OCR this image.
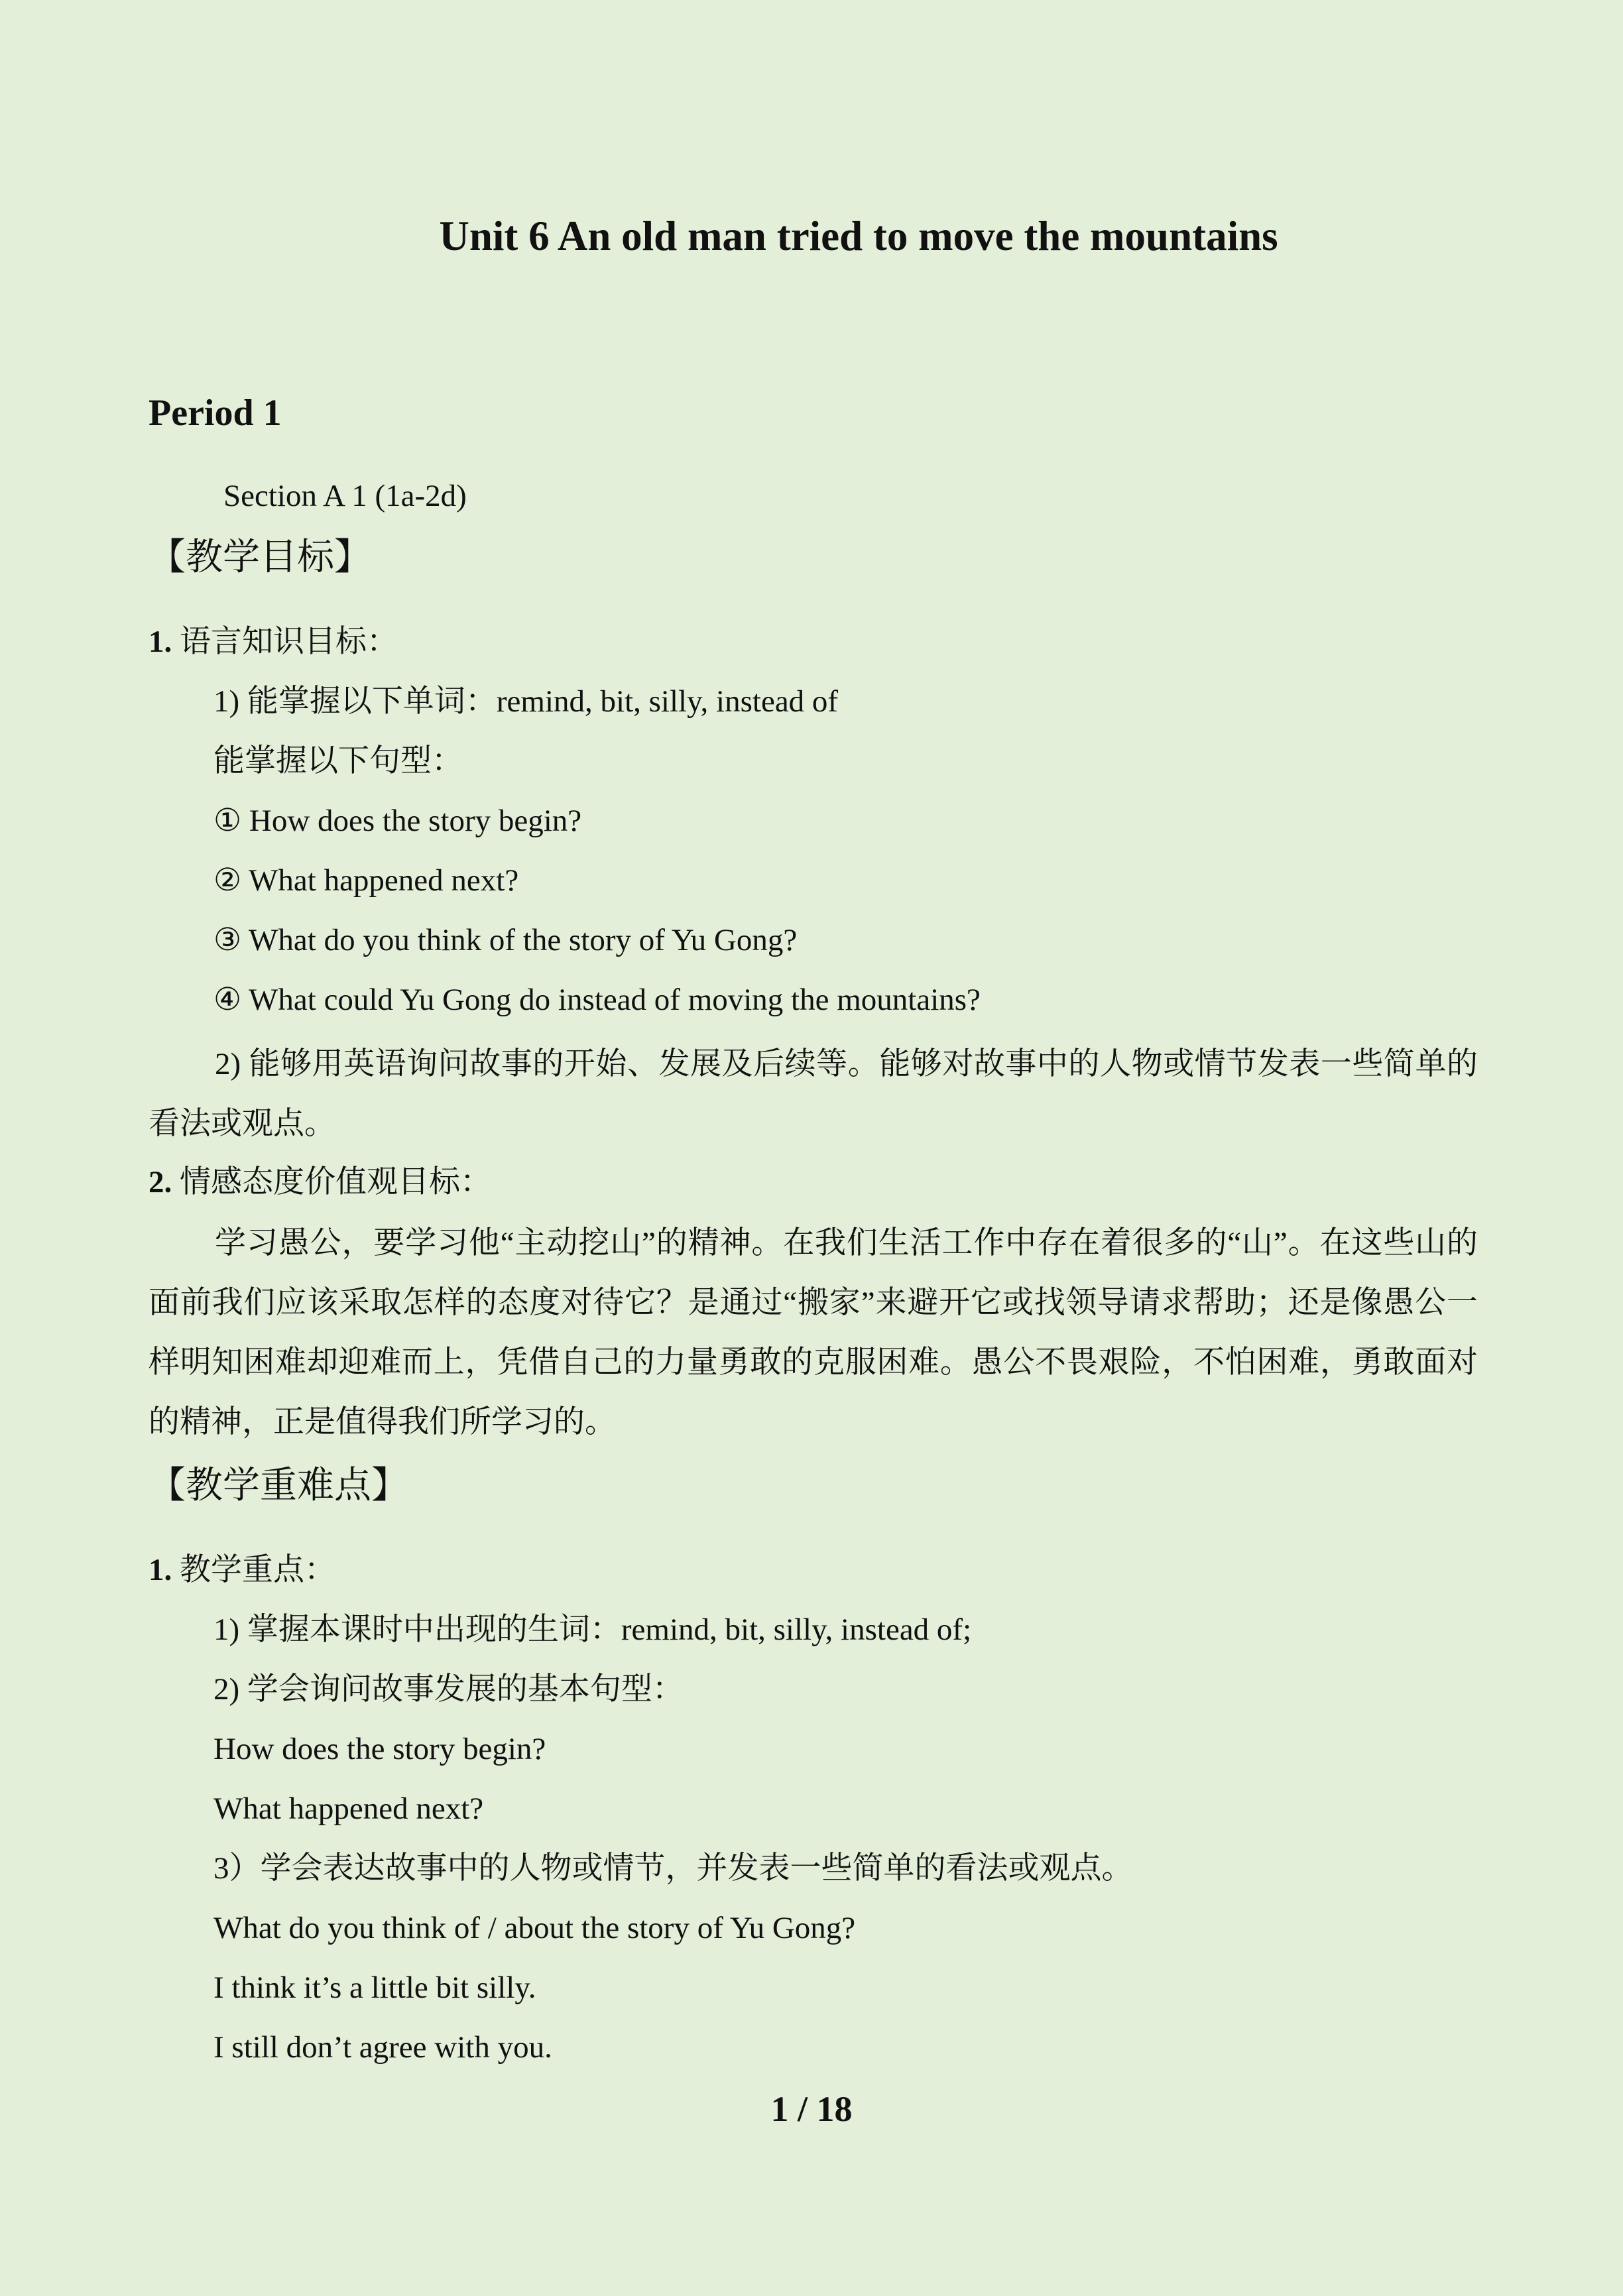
Unit 6 An old man tried to move the mountains
Period 1
Section A 1 (1a-2d)
【教学目标】
1. 语言知识目标：
1) 能掌握以下单词：remind, bit, silly, instead of
能掌握以下句型：
① How does the story begin?
② What happened next?
③ What do you think of the story of Yu Gong?
④ What could Yu Gong do instead of moving the mountains?
2) 能够用英语询问故事的开始、发展及后续等。能够对故事中的人物或情节发表一些简单的看法或观点。
2. 情感态度价值观目标：
学习愚公，要学习他“主动挖山”的精神。在我们生活工作中存在着很多的“山”。在这些山的面前我们应该采取怎样的态度对待它？是通过“搬家”来避开它或找领导请求帮助；还是像愚公一样明知困难却迎难而上，凭借自己的力量勇敢的克服困难。愚公不畏艰险，不怕困难，勇敢面对的精神，正是值得我们所学习的。
【教学重难点】
1. 教学重点：
1) 掌握本课时中出现的生词：remind, bit, silly, instead of;
2) 学会询问故事发展的基本句型：
How does the story begin?
What happened next?
3）学会表达故事中的人物或情节，并发表一些简单的看法或观点。
What do you think of / about the story of Yu Gong?
I think it’s a little bit silly.
I still don’t agree with you.
1 / 18
